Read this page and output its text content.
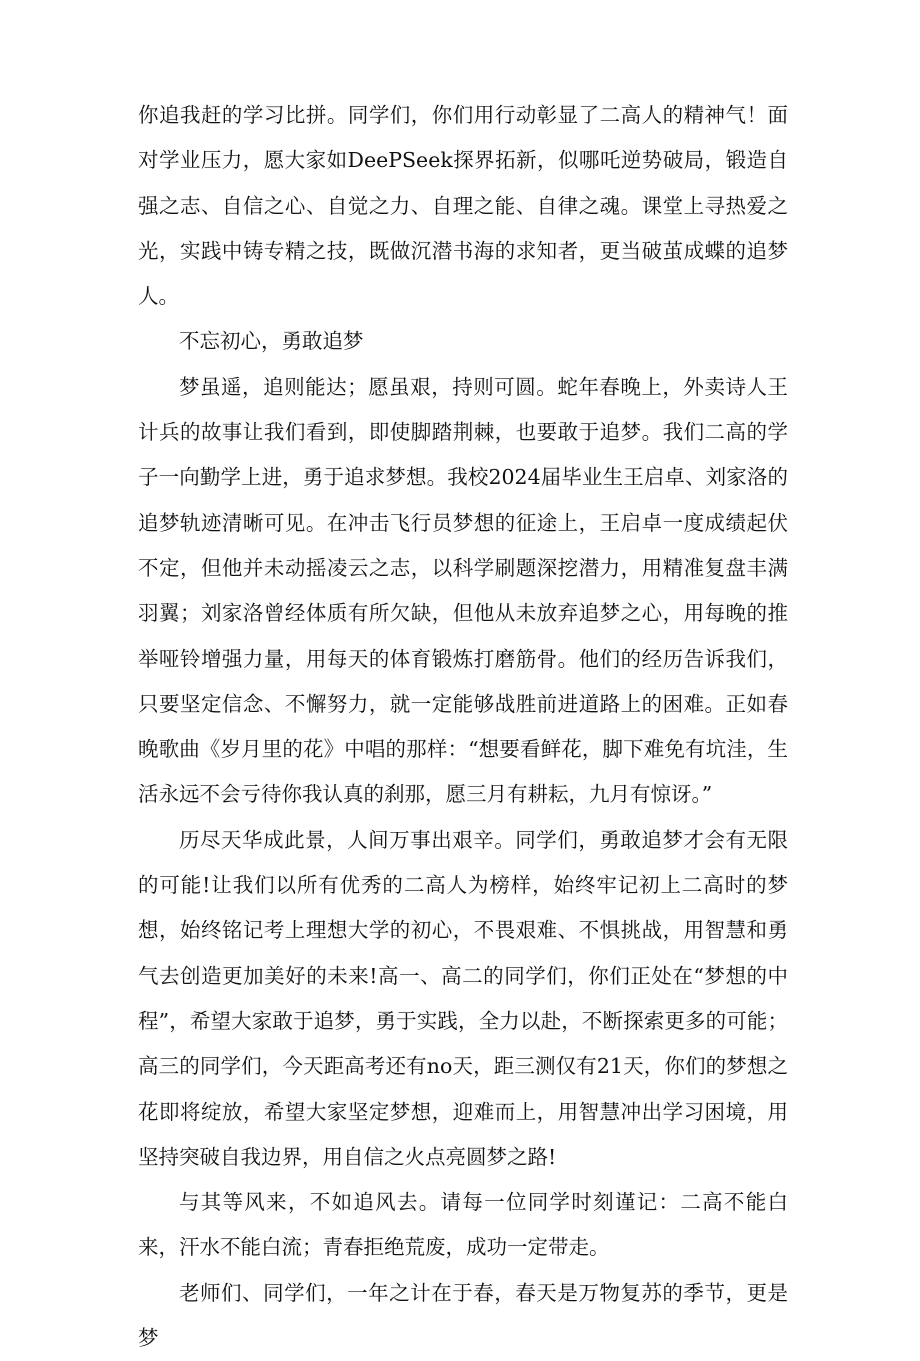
你追我赶的学习比拼。同学们，你们用行动彰显了二高人的精神气！面对学业压力，愿大家如DeePSeek探界拓新，似哪吒逆势破局，锻造自强之志、自信之心、自觉之力、自理之能、自律之魂。课堂上寻热爱之光，实践中铸专精之技，既做沉潜书海的求知者，更当破茧成蝶的追梦人。

不忘初心，勇敢追梦

梦虽遥，追则能达；愿虽艰，持则可圆。蛇年春晚上，外卖诗人王计兵的故事让我们看到，即使脚踏荆棘，也要敢于追梦。我们二高的学子一向勤学上进，勇于追求梦想。我校2024届毕业生王启卓、刘家洛的追梦轨迹清晰可见。在冲击飞行员梦想的征途上，王启卓一度成绩起伏不定，但他并未动摇凌云之志，以科学刷题深挖潜力，用精准复盘丰满羽翼；刘家洛曾经体质有所欠缺，但他从未放弃追梦之心，用每晚的推举哑铃增强力量，用每天的体育锻炼打磨筋骨。他们的经历告诉我们，只要坚定信念、不懈努力，就一定能够战胜前进道路上的困难。正如春晚歌曲《岁月里的花》中唱的那样：“想要看鲜花，脚下难免有坑洼，生活永远不会亏待你我认真的刹那，愿三月有耕耘，九月有惊讶。”

历尽天华成此景，人间万事出艰辛。同学们，勇敢追梦才会有无限的可能!让我们以所有优秀的二高人为榜样，始终牢记初上二高时的梦想，始终铭记考上理想大学的初心，不畏艰难、不惧挑战，用智慧和勇气去创造更加美好的未来!高一、高二的同学们，你们正处在“梦想的中程”，希望大家敢于追梦，勇于实践，全力以赴，不断探索更多的可能；高三的同学们，今天距高考还有no天，距三测仅有21天，你们的梦想之花即将绽放，希望大家坚定梦想，迎难而上，用智慧冲出学习困境，用坚持突破自我边界，用自信之火点亮圆梦之路!

与其等风来，不如追风去。请每一位同学时刻谨记：二高不能白来，汗水不能白流；青春拒绝荒废，成功一定带走。

老师们、同学们，一年之计在于春，春天是万物复苏的季节，更是梦
